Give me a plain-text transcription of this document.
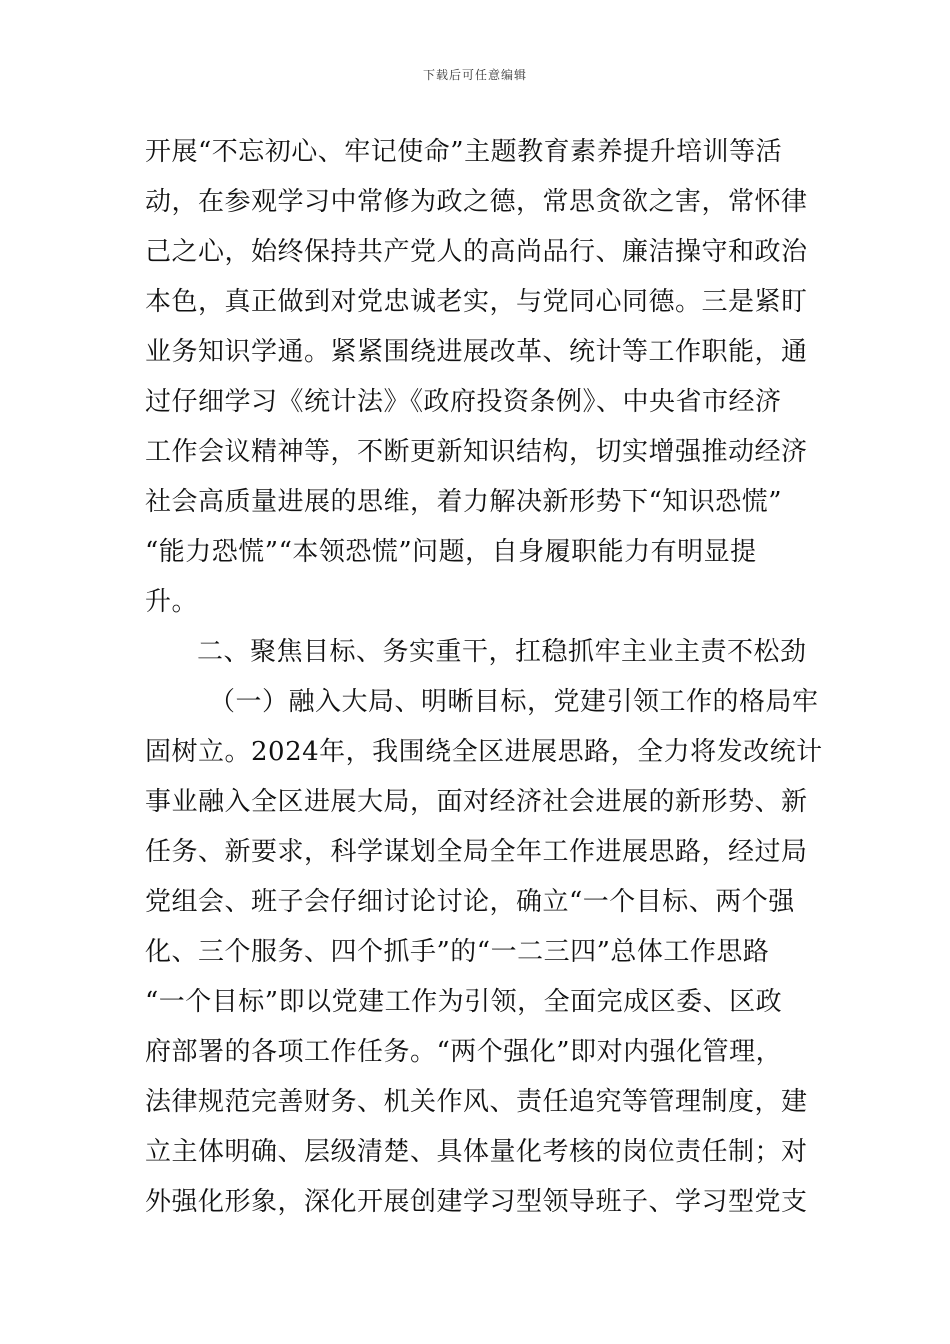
下载后可任意编辑
开展“不忘初心、牢记使命”主题教育素养提升培训等活
动，在参观学习中常修为政之德，常思贪欲之害，常怀律
己之心，始终保持共产党人的高尚品行、廉洁操守和政治
本色，真正做到对党忠诚老实，与党同心同德。三是紧盯
业务知识学通。紧紧围绕进展改革、统计等工作职能，通
过仔细学习《统计法》《政府投资条例》、中央省市经济
工作会议精神等，不断更新知识结构，切实增强推动经济
社会高质量进展的思维，着力解决新形势下“知识恐慌”
“能力恐慌”“本领恐慌”问题，自身履职能力有明显提
升。
二、聚焦目标、务实重干，扛稳抓牢主业主责不松劲
（一）融入大局、明晰目标，党建引领工作的格局牢
固树立。2024年，我围绕全区进展思路，全力将发改统计
事业融入全区进展大局，面对经济社会进展的新形势、新
任务、新要求，科学谋划全局全年工作进展思路，经过局
党组会、班子会仔细讨论讨论，确立“一个目标、两个强
化、三个服务、四个抓手”的“一二三四”总体工作思路
“一个目标”即以党建工作为引领，全面完成区委、区政
府部署的各项工作任务。“两个强化”即对内强化管理，
法律规范完善财务、机关作风、责任追究等管理制度，建
立主体明确、层级清楚、具体量化考核的岗位责任制；对
外强化形象，深化开展创建学习型领导班子、学习型党支
